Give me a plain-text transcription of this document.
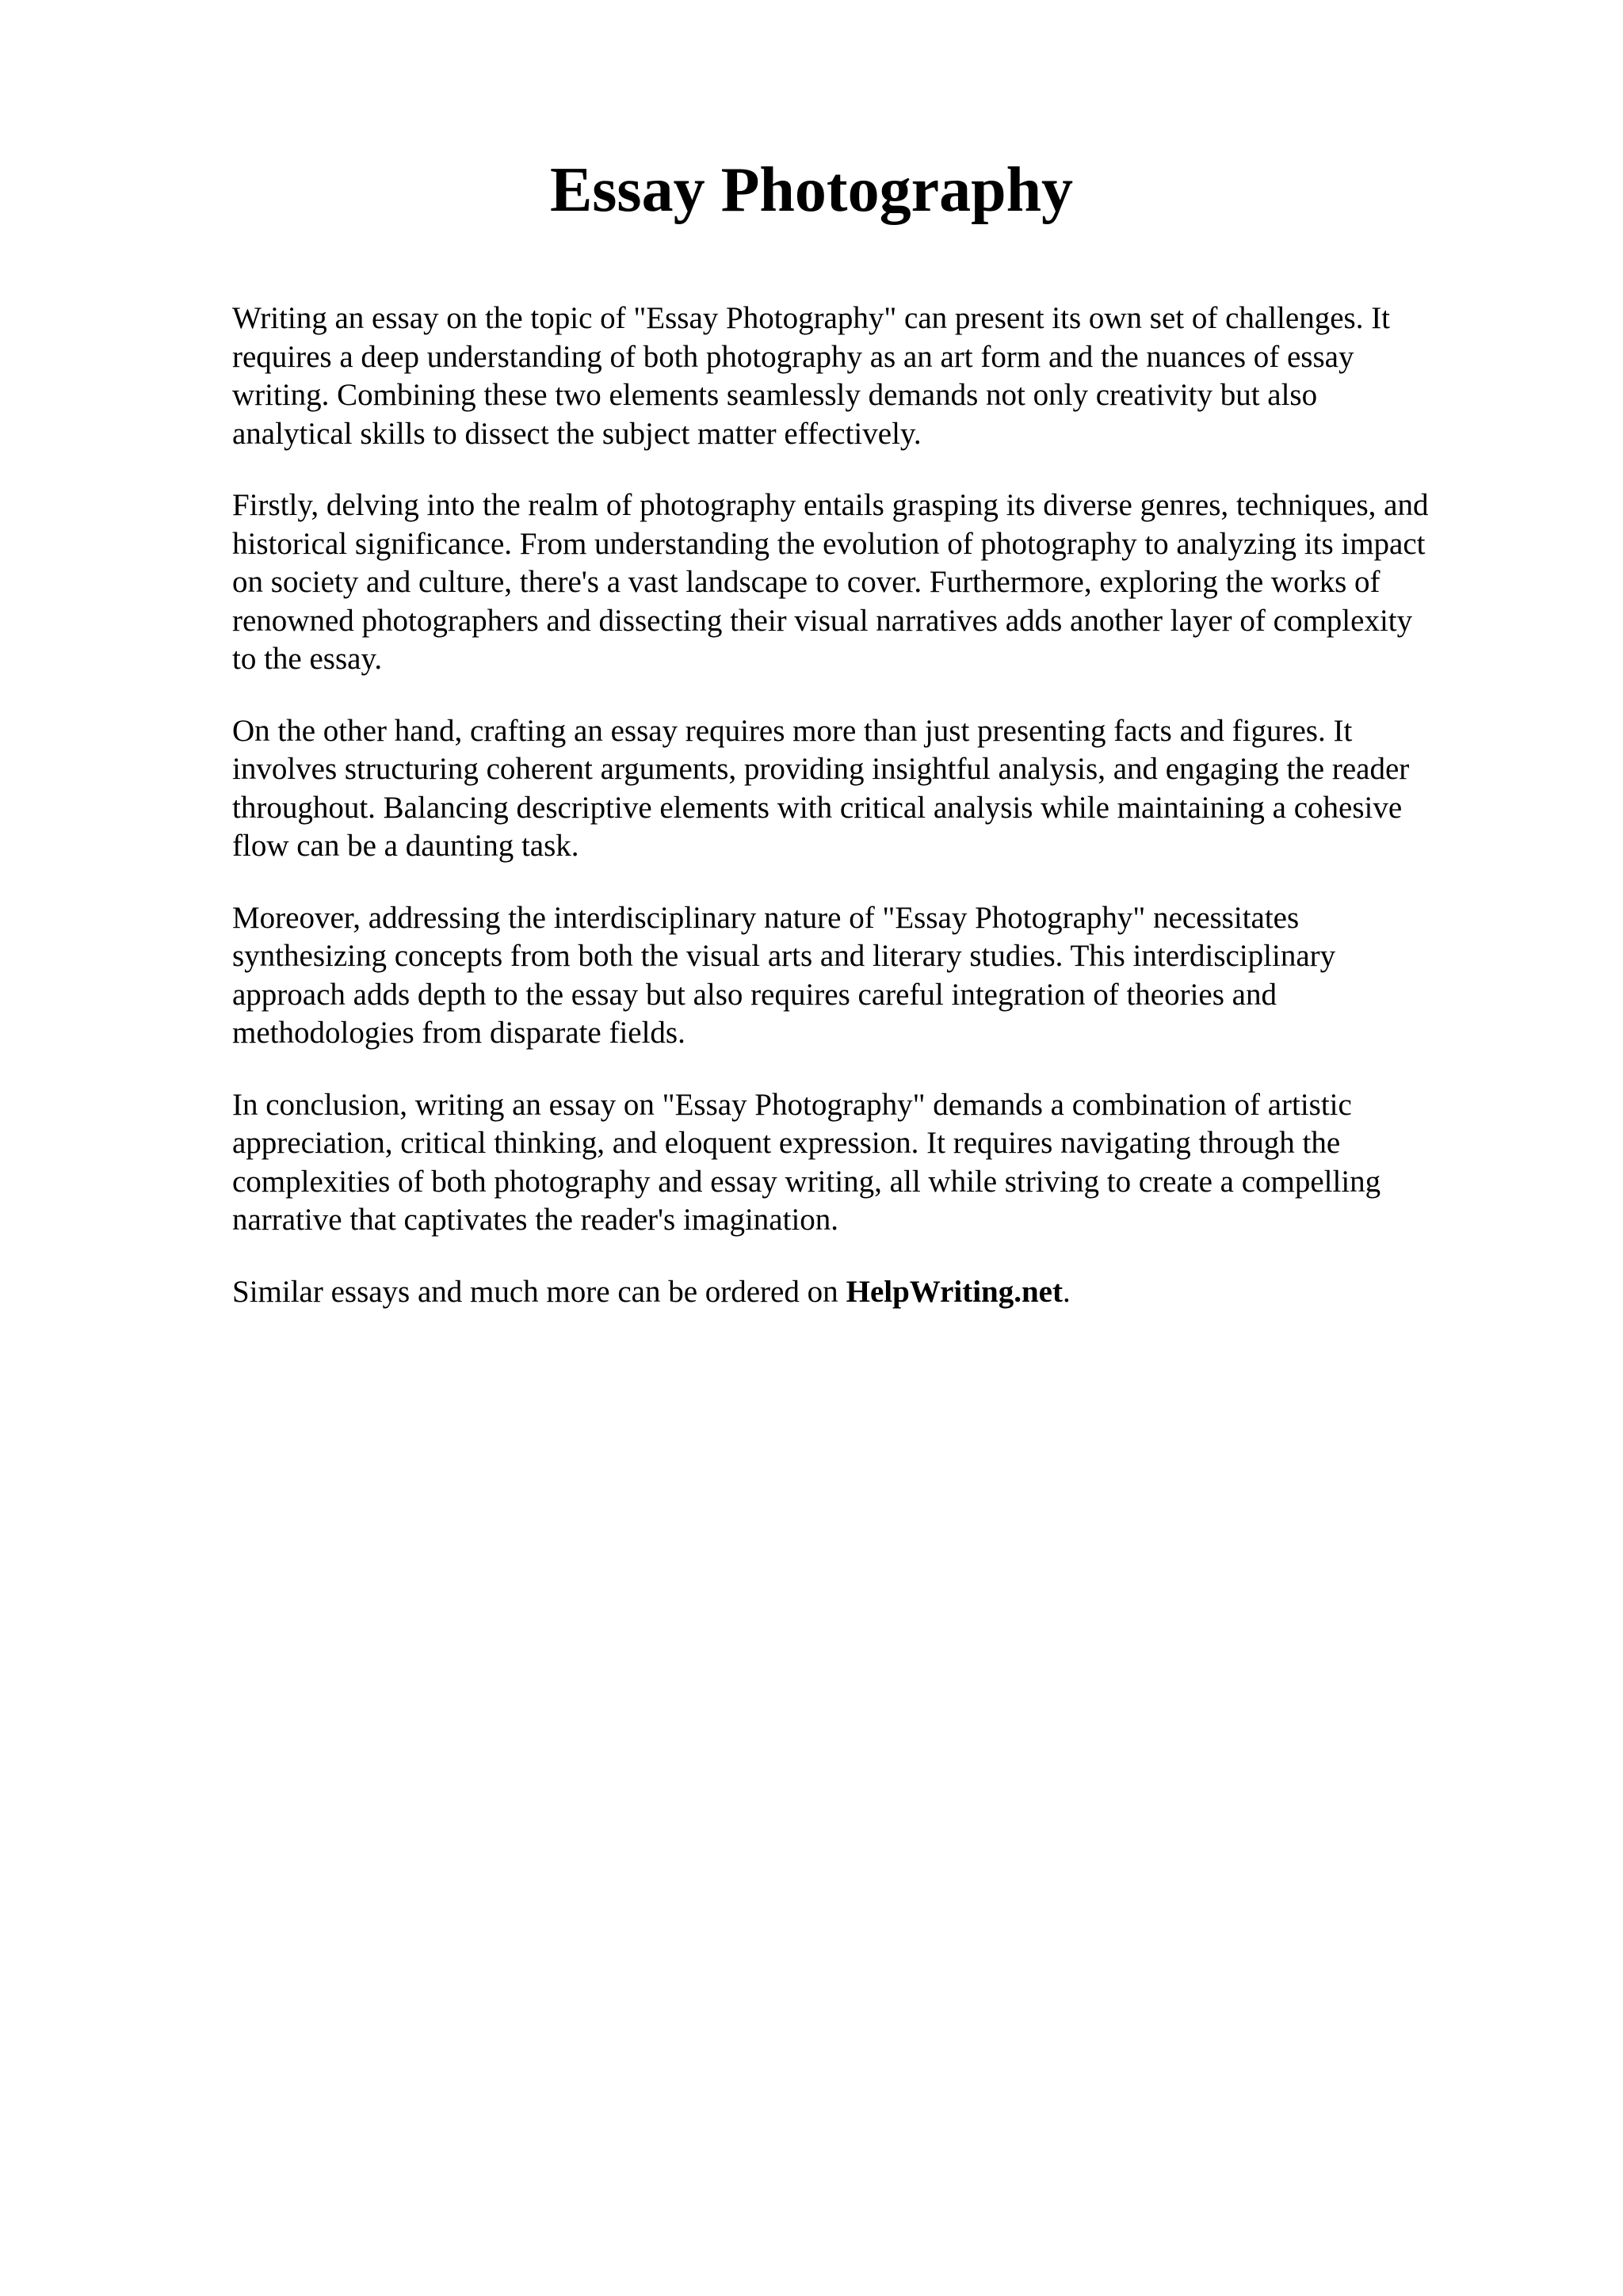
Essay Photography

Writing an essay on the topic of "Essay Photography" can present its own set of challenges. It
requires a deep understanding of both photography as an art form and the nuances of essay
writing. Combining these two elements seamlessly demands not only creativity but also
analytical skills to dissect the subject matter effectively.

Firstly, delving into the realm of photography entails grasping its diverse genres, techniques, and
historical significance. From understanding the evolution of photography to analyzing its impact
on society and culture, there's a vast landscape to cover. Furthermore, exploring the works of
renowned photographers and dissecting their visual narratives adds another layer of complexity
to the essay.

On the other hand, crafting an essay requires more than just presenting facts and figures. It
involves structuring coherent arguments, providing insightful analysis, and engaging the reader
throughout. Balancing descriptive elements with critical analysis while maintaining a cohesive
flow can be a daunting task.

Moreover, addressing the interdisciplinary nature of "Essay Photography" necessitates
synthesizing concepts from both the visual arts and literary studies. This interdisciplinary
approach adds depth to the essay but also requires careful integration of theories and
methodologies from disparate fields.

In conclusion, writing an essay on "Essay Photography" demands a combination of artistic
appreciation, critical thinking, and eloquent expression. It requires navigating through the
complexities of both photography and essay writing, all while striving to create a compelling
narrative that captivates the reader's imagination.

Similar essays and much more can be ordered on HelpWriting.net.
